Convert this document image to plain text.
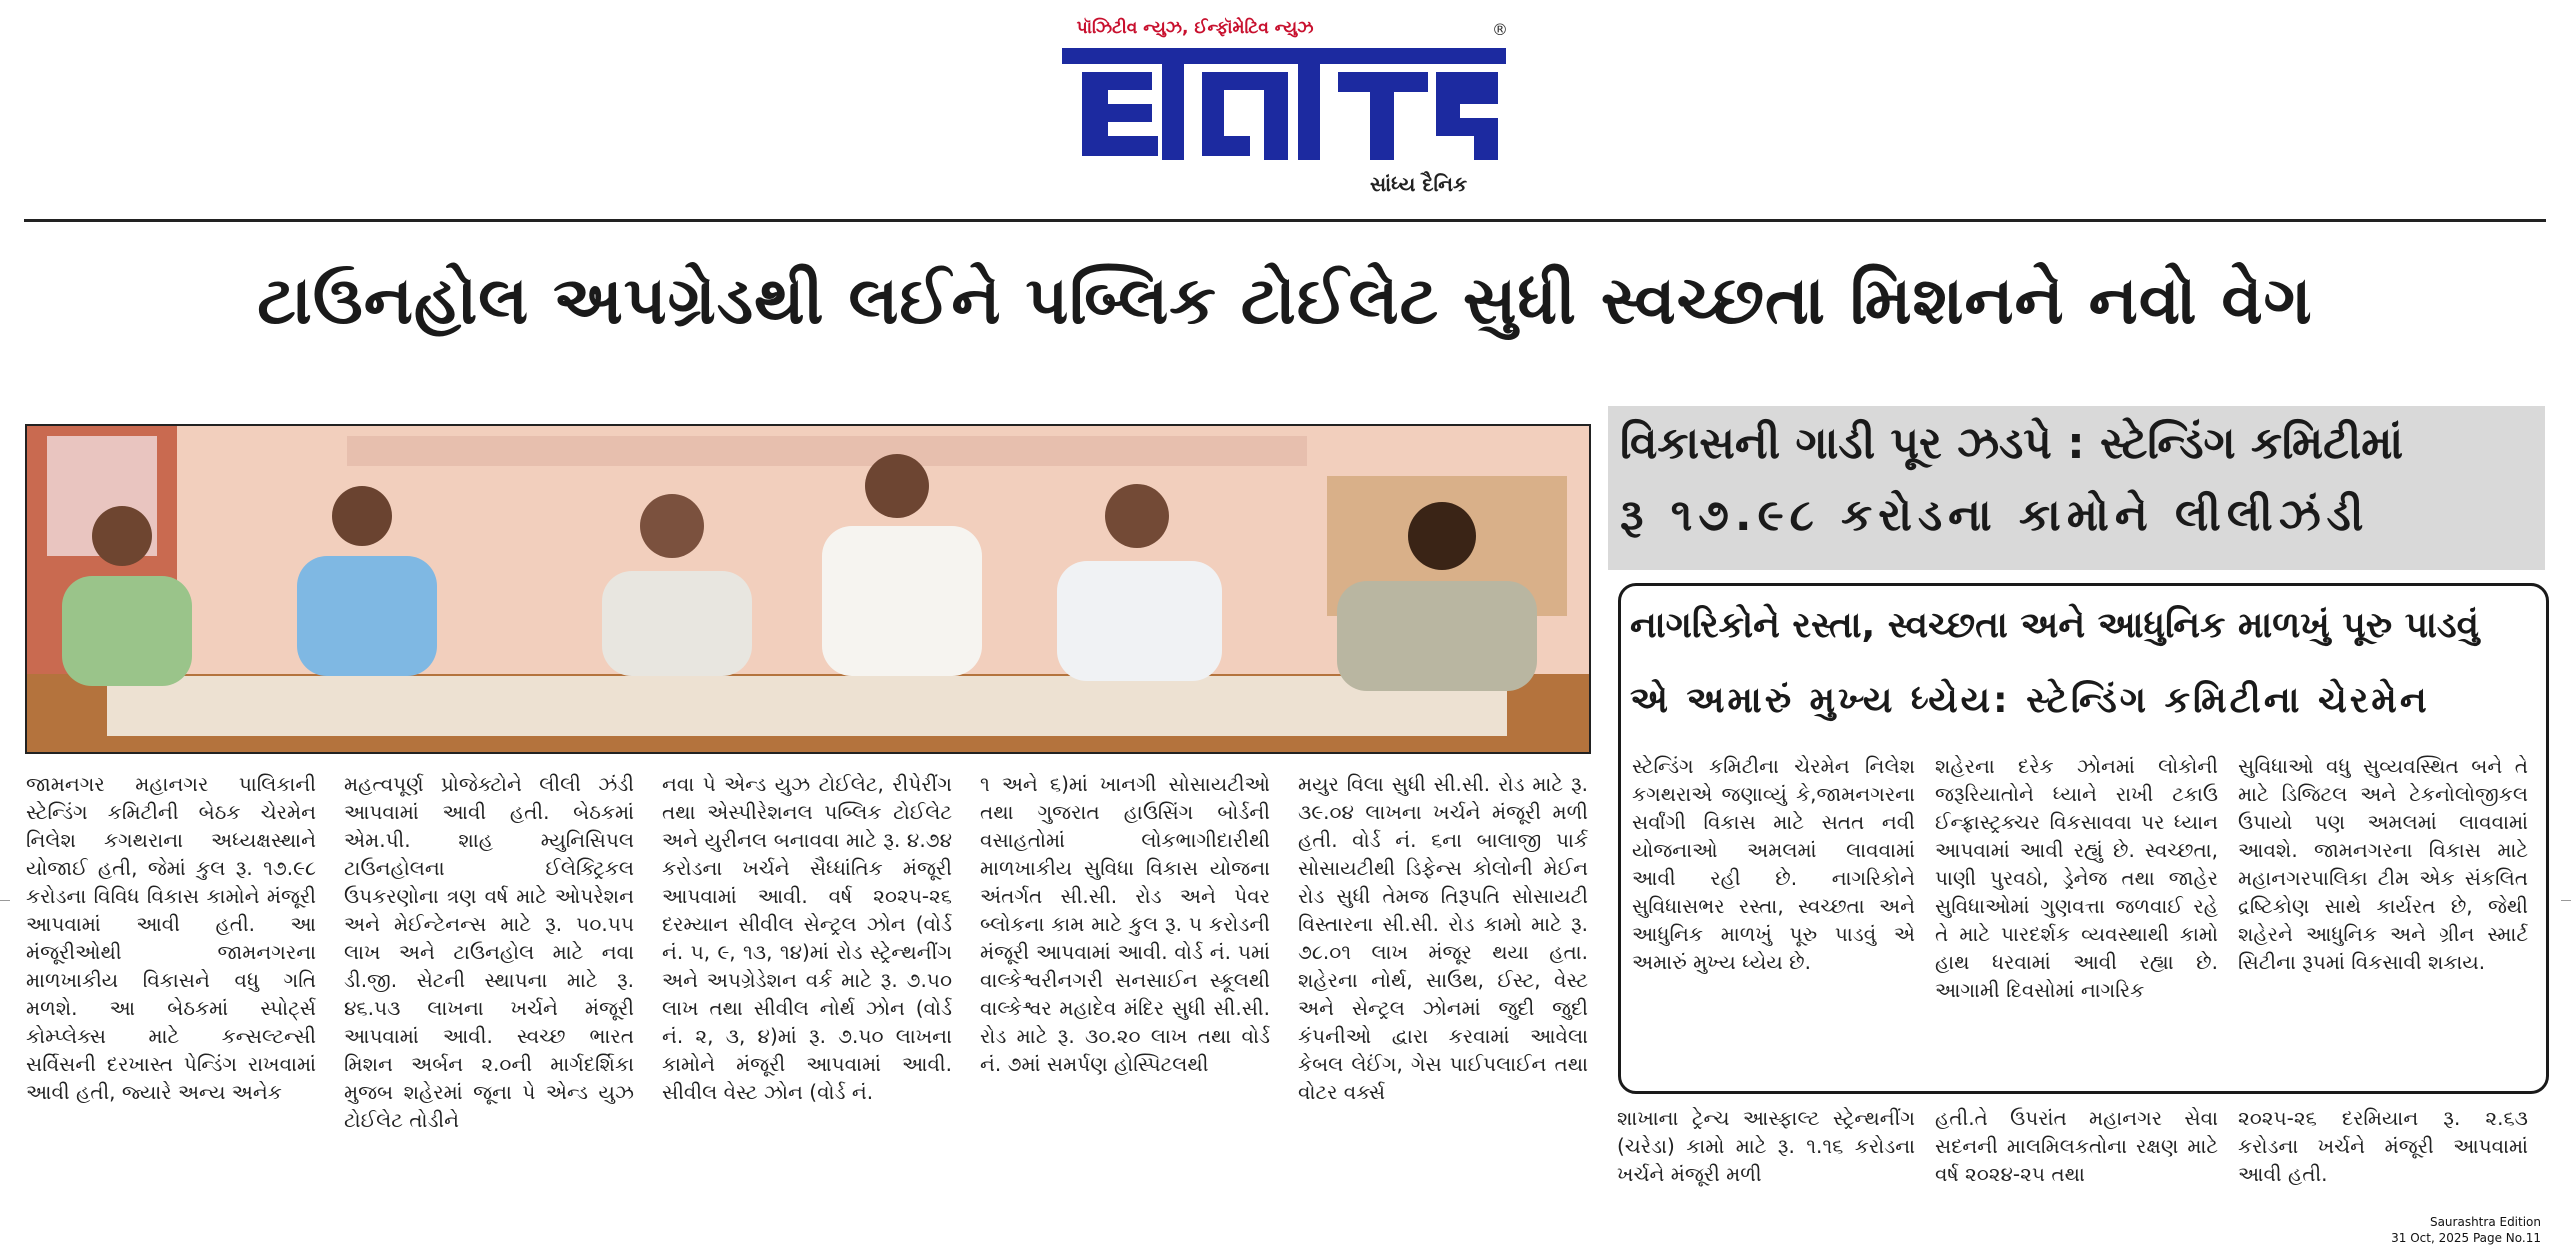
પૉઝિટીવ ન્યુઝ, ઈન્ફૉમેટિવ ન્યુઝ	®
સાંધ્ય દૈનિક
ટાઉનહોલ અપગ્રેડથી લઈને પબ્લિક ટોઈલેટ સુધી સ્વચ્છતા મિશનને નવો વેગ
વિકાસની ગાડી પૂર ઝડપે : સ્ટેન્ડિંગ કમિટીમાં
રૂ ૧૭.૯૮ કરોડના કામોને લીલીઝંડી
નાગરિકોને રસ્તા, સ્વચ્છતા અને આધુનિક માળખું પૂરુ પાડવું
એ અમારું મુખ્ય ધ્યેય: સ્ટેન્ડિંગ કમિટીના ચેરમેન
સ્ટેન્ડિંગ કમિટીના ચેરમેન નિલેશ કગથરાએ જણાવ્યું કે,જામનગરના સર્વાંગી વિકાસ માટે સતત નવી યોજનાઓ અમલમાં લાવવામાં આવી રહી છે. નાગરિકોને સુવિધાસભર રસ્તા, સ્વચ્છતા અને આધુનિક માળખું પૂરુ પાડવું એ અમારું મુખ્ય ધ્યેય છે.
શહેરના દરેક ઝોનમાં લોકોની જરૂરિયાતોને ધ્યાને રાખી ટકાઉ ઈન્ફ્રાસ્ટ્રક્ચર વિકસાવવા પર ધ્યાન આપવામાં આવી રહ્યું છે. સ્વચ્છતા, પાણી પુરવઠો, ડ્રેનેજ તથા જાહેર સુવિધાઓમાં ગુણવત્તા જળવાઈ રહે તે માટે પારદર્શક વ્યવસ્થાથી કામો હાથ ધરવામાં આવી રહ્યા છે. આગામી દિવસોમાં નાગરિક
સુવિધાઓ વધુ સુવ્યવસ્થિત બને તે માટે ડિજિટલ અને ટેકનોલોજીકલ ઉપાયો પણ અમલમાં લાવવામાં આવશે. જામનગરના વિકાસ માટે મહાનગરપાલિકા ટીમ એક સંકલિત દ્રષ્ટિકોણ સાથે કાર્યરત છે, જેથી શહેરને આધુનિક અને ગ્રીન સ્માર્ટ સિટીના રૂપમાં વિકસાવી શકાય.
જામનગર મહાનગર પાલિકાની સ્ટેન્ડિંગ કમિટીની બેઠક ચેરમેન નિલેશ કગથરાના અધ્યક્ષસ્થાને યોજાઈ હતી, જેમાં કુલ રૂ. ૧૭.૯૮ કરોડના વિવિધ વિકાસ કામોને મંજૂરી આપવામાં આવી હતી. આ મંજૂરીઓથી જામનગરના માળખાકીય વિકાસને વધુ ગતિ મળશે. આ બેઠકમાં સ્પોર્ટ્સ કોમ્પ્લેક્સ માટે કન્સલ્ટન્સી સર્વિસની દરખાસ્ત પેન્ડિંગ રાખવામાં આવી હતી, જ્યારે અન્ય અનેક
મહત્વપૂર્ણ પ્રોજેક્ટોને લીલી ઝંડી આપવામાં આવી હતી. બેઠકમાં એમ.પી. શાહ મ્યુનિસિપલ ટાઉનહોલના ઈલેક્ટ્રિકલ ઉપકરણોના ત્રણ વર્ષ માટે ઓપરેશન અને મેઈન્ટેનન્સ માટે રૂ. ૫૦.૫૫ લાખ અને ટાઉનહોલ માટે નવા ડી.જી. સેટની સ્થાપના માટે રૂ. ૪૬.૫૩ લાખના ખર્ચને મંજૂરી આપવામાં આવી. સ્વચ્છ ભારત મિશન અર્બન ૨.૦ની માર્ગદર્શિકા મુજબ શહેરમાં જૂના પે એન્ડ યુઝ ટોઈલેટ તોડીને
નવા પે એન્ડ યુઝ ટોઈલેટ, રીપેરીંગ તથા એસ્પીરેશનલ પબ્લિક ટોઈલેટ અને યુરીનલ બનાવવા માટે રૂ. ૪.૭૪ કરોડના ખર્ચને સૈધ્ધાંતિક મંજૂરી આપવામાં આવી. વર્ષ ૨૦૨૫-૨૬ દરમ્યાન સીવીલ સેન્ટ્રલ ઝોન (વોર્ડ નં. ૫, ૯, ૧૩, ૧૪)માં રોડ સ્ટ્રેન્થનીંગ અને અપગ્રેડેશન વર્ક માટે રૂ. ૭.૫૦ લાખ તથા સીવીલ નોર્થ ઝોન (વોર્ડ નં. ૨, ૩, ૪)માં રૂ. ૭.૫૦ લાખના કામોને મંજૂરી આપવામાં આવી. સીવીલ વેસ્ટ ઝોન (વોર્ડ નં.
૧ અને ૬)માં ખાનગી સોસાયટીઓ તથા ગુજરાત હાઉસિંગ બોર્ડની વસાહતોમાં લોકભાગીદારીથી માળખાકીય સુવિધા વિકાસ યોજના અંતર્ગત સી.સી. રોડ અને પેવર બ્લોકના કામ માટે કુલ રૂ. ૫ કરોડની મંજૂરી આપવામાં આવી. વોર્ડ નં. ૫માં વાલ્કેશ્વરીનગરી સનસાઈન સ્કૂલથી વાલ્કેશ્વર મહાદેવ મંદિર સુધી સી.સી. રોડ માટે રૂ. ૩૦.૨૦ લાખ તથા વોર્ડ નં. ૭માં સમર્પણ હોસ્પિટલથી
મયુર વિલા સુધી સી.સી. રોડ માટે રૂ. ૩૯.૦૪ લાખના ખર્ચને મંજૂરી મળી હતી. વોર્ડ નં. ૬ના બાલાજી પાર્ક સોસાયટીથી ડિફેન્સ કોલોની મેઈન રોડ સુધી તેમજ તિરૂપતિ સોસાયટી વિસ્તારના સી.સી. રોડ કામો માટે રૂ. ૭૮.૦૧ લાખ મંજૂર થયા હતા. શહેરના નોર્થ, સાઉથ, ઈસ્ટ, વેસ્ટ અને સેન્ટ્રલ ઝોનમાં જુદી જુદી કંપનીઓ દ્વારા કરવામાં આવેલા કેબલ લેઈંગ, ગેસ પાઈપલાઈન તથા વોટર વર્ક્સ
શાખાના ટ્રેન્ચ આસ્ફાલ્ટ સ્ટ્રેન્થનીંગ (ચરેડા) કામો માટે રૂ. ૧.૧૬ કરોડના ખર્ચને મંજૂરી મળી
હતી.તે ઉપરાંત મહાનગર સેવા સદનની માલમિલકતોના રક્ષણ માટે વર્ષ ૨૦૨૪-૨૫ તથા
૨૦૨૫-૨૬ દરમિયાન રૂ. ૨.૬૩ કરોડના ખર્ચને મંજૂરી આપવામાં આવી હતી.
Saurashtra Edition
31 Oct, 2025 Page No.11
